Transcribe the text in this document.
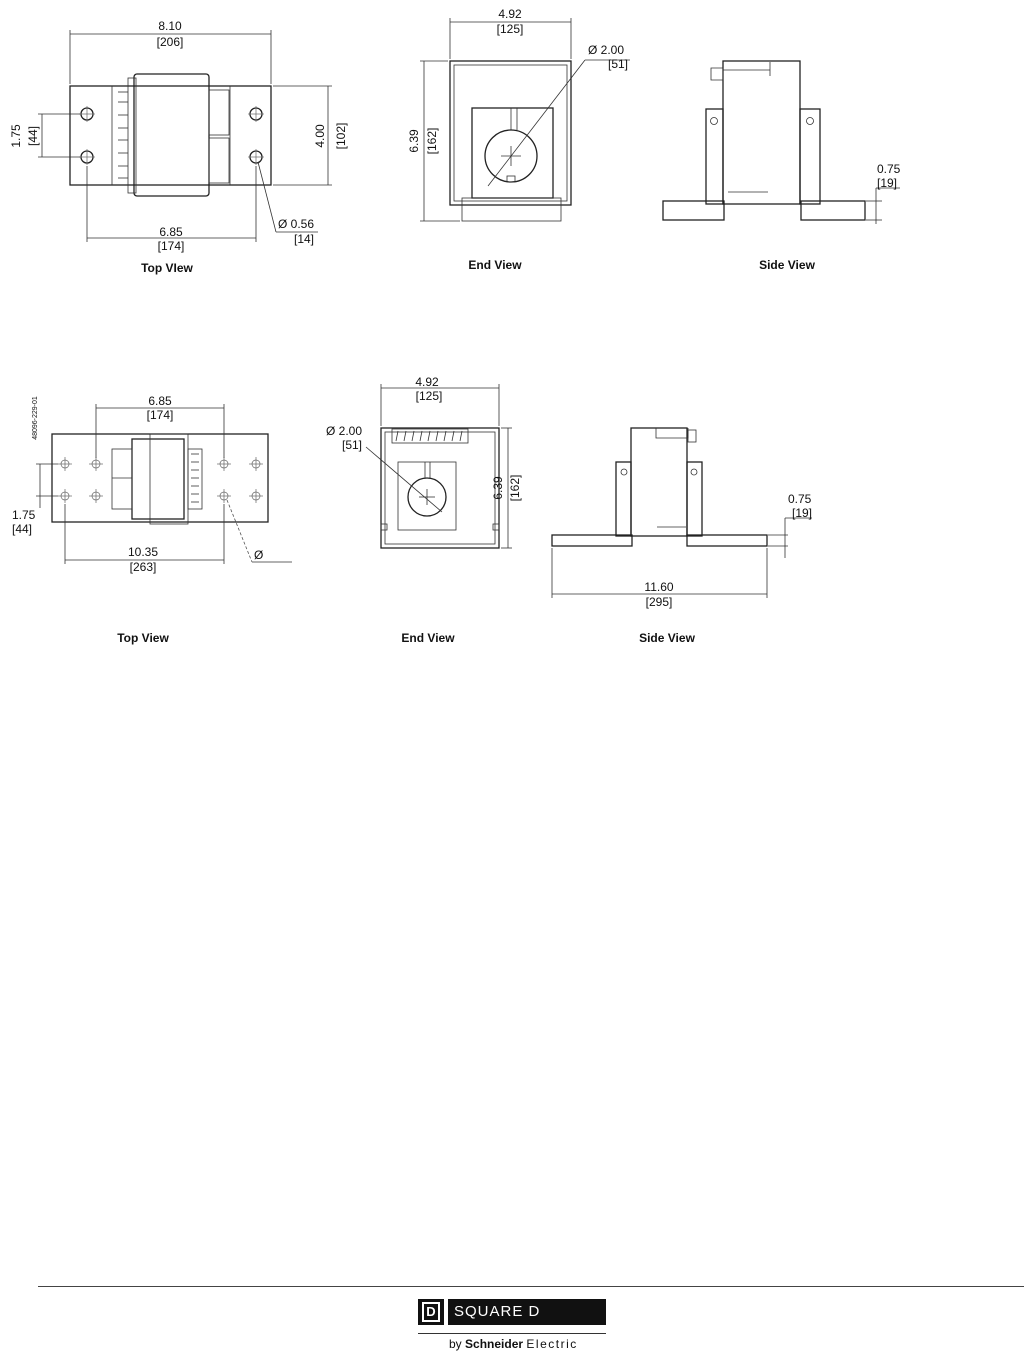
8.10
[206]
4.00 [102]
1.75 [44]
6.85
[174]
Ø 0.56
[14]
Top VIew
4.92
[125]
6.39 [162]
Ø 2.00
[51]
End View
0.75
[19]
Side View
48096-229-01	6.85
[174]
1.75
[44]
10.35
[263]
Ø
Top View
4.92
[125]
6.39 [162]
Ø 2.00
[51]
End View
0.75
[19]
11.60
[295]
Side View
D	SQUARE D
by Schneider Electric
